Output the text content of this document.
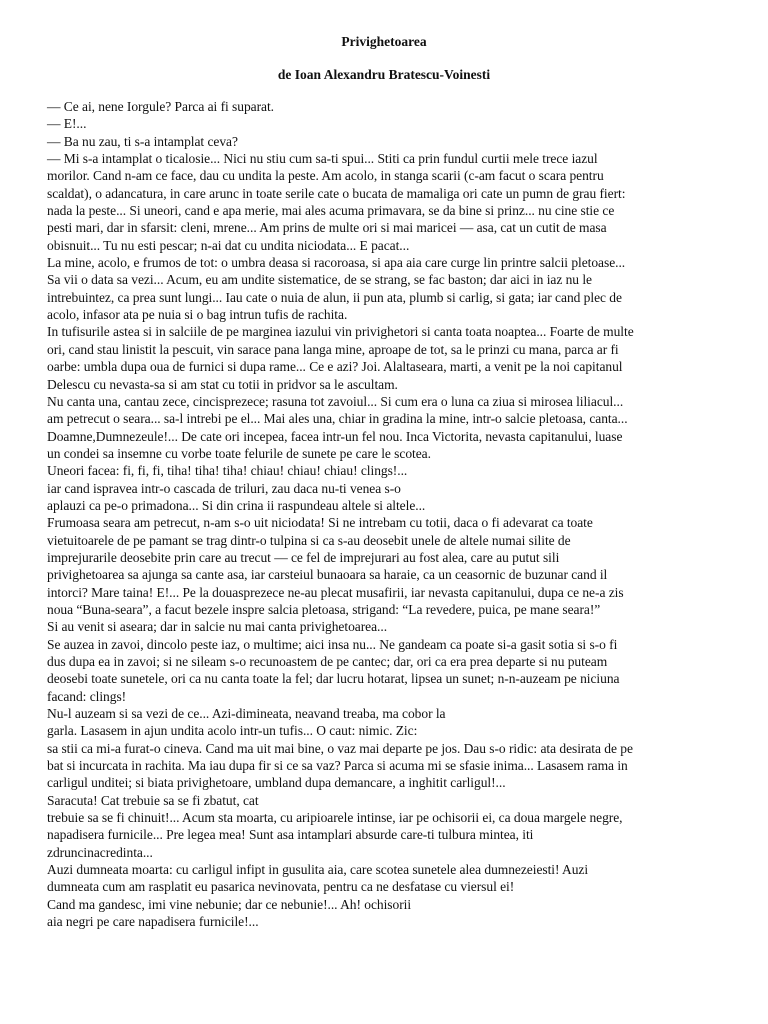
Privighetoarea
de Ioan Alexandru Bratescu-Voinesti
— Ce ai, nene Iorgule? Parca ai fi suparat.
— E!...
— Ba nu zau, ti s-a intamplat ceva?
— Mi s-a intamplat o ticalosie... Nici nu stiu cum sa-ti spui... Stiti ca prin fundul curtii mele trece iazul
morilor. Cand n-am ce face, dau cu undita la peste. Am acolo, in stanga scarii (c-am facut o scara pentru
scaldat), o adancatura, in care arunc in toate serile cate o bucata de mamaliga ori cate un pumn de grau fiert:
nada la peste... Si uneori, cand e apa merie, mai ales acuma primavara, se da bine si prinz... nu cine stie ce
pesti mari, dar in sfarsit: cleni, mrene... Am prins de multe ori si mai maricei — asa, cat un cutit de masa
obisnuit... Tu nu esti pescar; n-ai dat cu undita niciodata... E pacat...
La mine, acolo, e frumos de tot: o umbra deasa si racoroasa, si apa aia care curge lin printre salcii pletoase...
Sa vii o data sa vezi... Acum, eu am undite sistematice, de se strang, se fac baston; dar aici in iaz nu le
intrebuintez, ca prea sunt lungi... Iau cate o nuia de alun, ii pun ata, plumb si carlig, si gata; iar cand plec de
acolo, infasor ata pe nuia si o bag intrun tufis de rachita.
In tufisurile astea si in salciile de pe marginea iazului vin privighetori si canta toata noaptea... Foarte de multe
ori, cand stau linistit la pescuit, vin sarace pana langa mine, aproape de tot, sa le prinzi cu mana, parca ar fi
oarbe: umbla dupa oua de furnici si dupa rame... Ce e azi? Joi. Alaltaseara, marti, a venit pe la noi capitanul
Delescu cu nevasta-sa si am stat cu totii in pridvor sa le ascultam.
Nu canta una, cantau zece, cincisprezece; rasuna tot zavoiul... Si cum era o luna ca ziua si mirosea liliacul...
am petrecut o seara... sa-l intrebi pe el... Mai ales una, chiar in gradina la mine, intr-o salcie pletoasa, canta...
Doamne,Dumnezeule!... De cate ori incepea, facea intr-un fel nou. Inca Victorita, nevasta capitanului, luase
un condei sa insemne cu vorbe toate felurile de sunete pe care le scotea.
Uneori facea: fi, fi, fi, tiha! tiha! tiha! chiau! chiau! chiau! clings!...
iar cand ispravea intr-o cascada de triluri, zau daca nu-ti venea s-o
aplauzi ca pe-o primadona... Si din crina ii raspundeau altele si altele...
Frumoasa seara am petrecut, n-am s-o uit niciodata! Si ne intrebam cu totii, daca o fi adevarat ca toate
vietuitoarele de pe pamant se trag dintr-o tulpina si ca s-au deosebit unele de altele numai silite de
imprejurarile deosebite prin care au trecut — ce fel de imprejurari au fost alea, care au putut sili
privighetoarea sa ajunga sa cante asa, iar carsteiul bunaoara sa haraie, ca un ceasornic de buzunar cand il
intorci? Mare taina! E!... Pe la douasprezece ne-au plecat musafirii, iar nevasta capitanului, dupa ce ne-a zis
noua “Buna-seara”, a facut bezele inspre salcia pletoasa, strigand: “La revedere, puica, pe mane seara!”
Si au venit si aseara; dar in salcie nu mai canta privighetoarea...
Se auzea in zavoi, dincolo peste iaz, o multime; aici insa nu... Ne gandeam ca poate si-a gasit sotia si s-o fi
dus dupa ea in zavoi; si ne sileam s-o recunoastem de pe cantec; dar, ori ca era prea departe si nu puteam
deosebi toate sunetele, ori ca nu canta toate la fel; dar lucru hotarat, lipsea un sunet; n-n-auzeam pe niciuna
facand: clings!
Nu-l auzeam si sa vezi de ce... Azi-dimineata, neavand treaba, ma cobor la
garla. Lasasem in ajun undita acolo intr-un tufis... O caut: nimic. Zic:
sa stii ca mi-a furat-o cineva. Cand ma uit mai bine, o vaz mai departe pe jos. Dau s-o ridic: ata desirata de pe
bat si incurcata in rachita. Ma iau dupa fir si ce sa vaz? Parca si acuma mi se sfasie inima... Lasasem rama in
carligul unditei; si biata privighetoare, umbland dupa demancare, a inghitit carligul!...
Saracuta! Cat trebuie sa se fi zbatut, cat
trebuie sa se fi chinuit!... Acum sta moarta, cu aripioarele intinse, iar pe ochisorii ei, ca doua margele negre,
napadisera furnicile... Pre legea mea! Sunt asa intamplari absurde care-ti tulbura mintea, iti
zdruncinacredinta...
Auzi dumneata moarta: cu carligul infipt in gusulita aia, care scotea sunetele alea dumnezeiesti! Auzi
dumneata cum am rasplatit eu pasarica nevinovata, pentru ca ne desfatase cu viersul ei!
Cand ma gandesc, imi vine nebunie; dar ce nebunie!... Ah! ochisorii
aia negri pe care napadisera furnicile!...
